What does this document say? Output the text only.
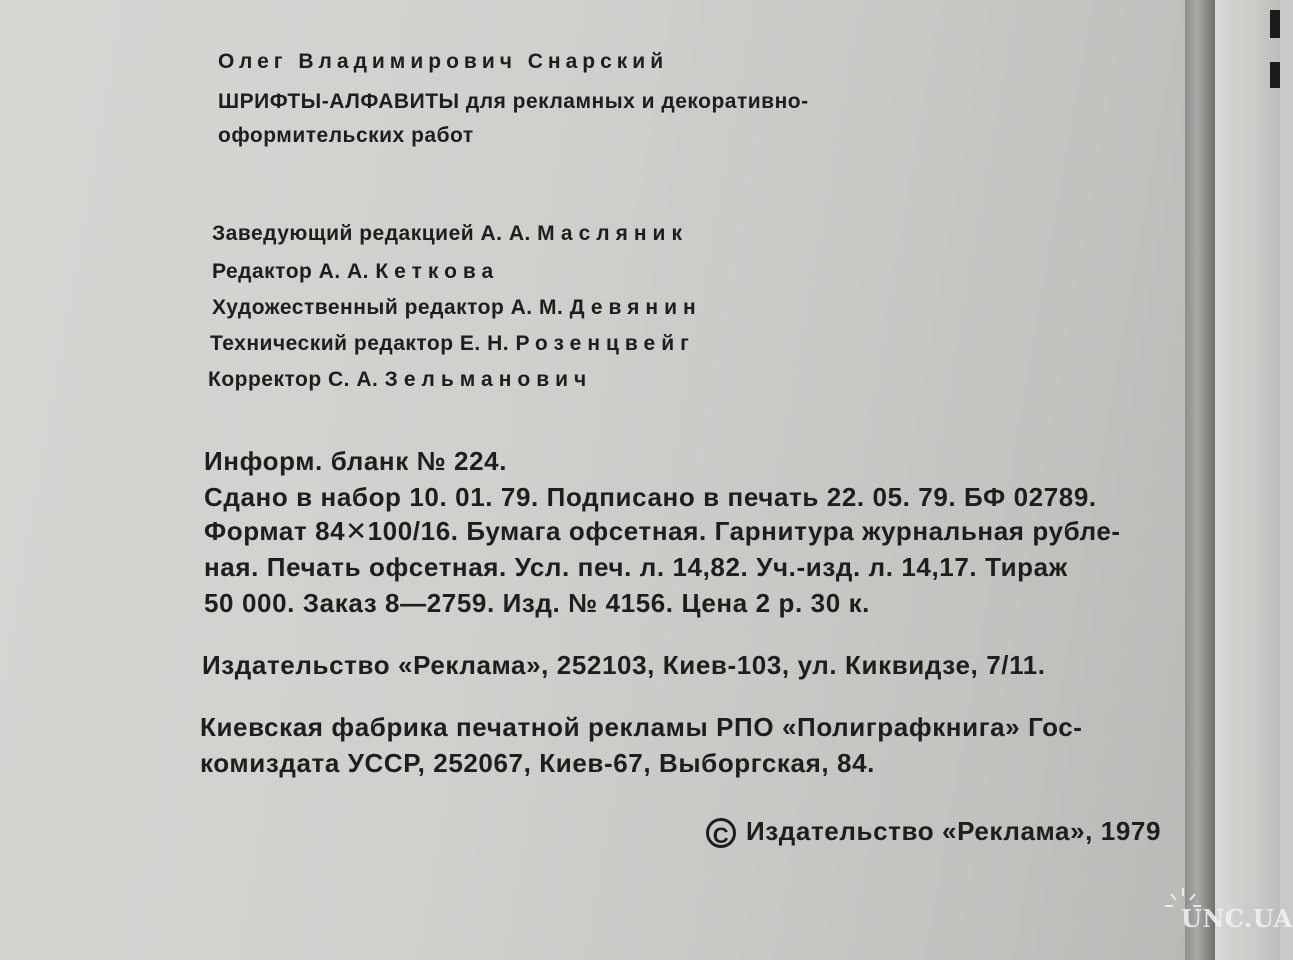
Олег Владимирович Снарский
ШРИФТЫ-АЛФАВИТЫ для рекламных и декоративно-
оформительских работ
Заведующий редакцией А. А. Масляник
Редактор А. А. Кеткова
Художественный редактор А. М. Девянин
Технический редактор Е. Н. Розенцвейг
Корректор С. А. Зельманович
Информ. бланк № 224.
Сдано в набор 10. 01. 79. Подписано в печать 22. 05. 79. БФ 02789.
Формат 84✕100/16. Бумага офсетная. Гарнитура журнальная рубле-
ная. Печать офсетная. Усл. печ. л. 14,82. Уч.-изд. л. 14,17. Тираж
50 000. Заказ 8—2759. Изд. № 4156. Цена 2 р. 30 к.
Издательство «Реклама», 252103, Киев-103, ул. Киквидзе, 7/11.
Киевская фабрика печатной рекламы РПО «Полиграфкнига» Гос-
комиздата УССР, 252067, Киев-67, Выборгская, 84.
C Издательство «Реклама», 1979
UNC.UA
